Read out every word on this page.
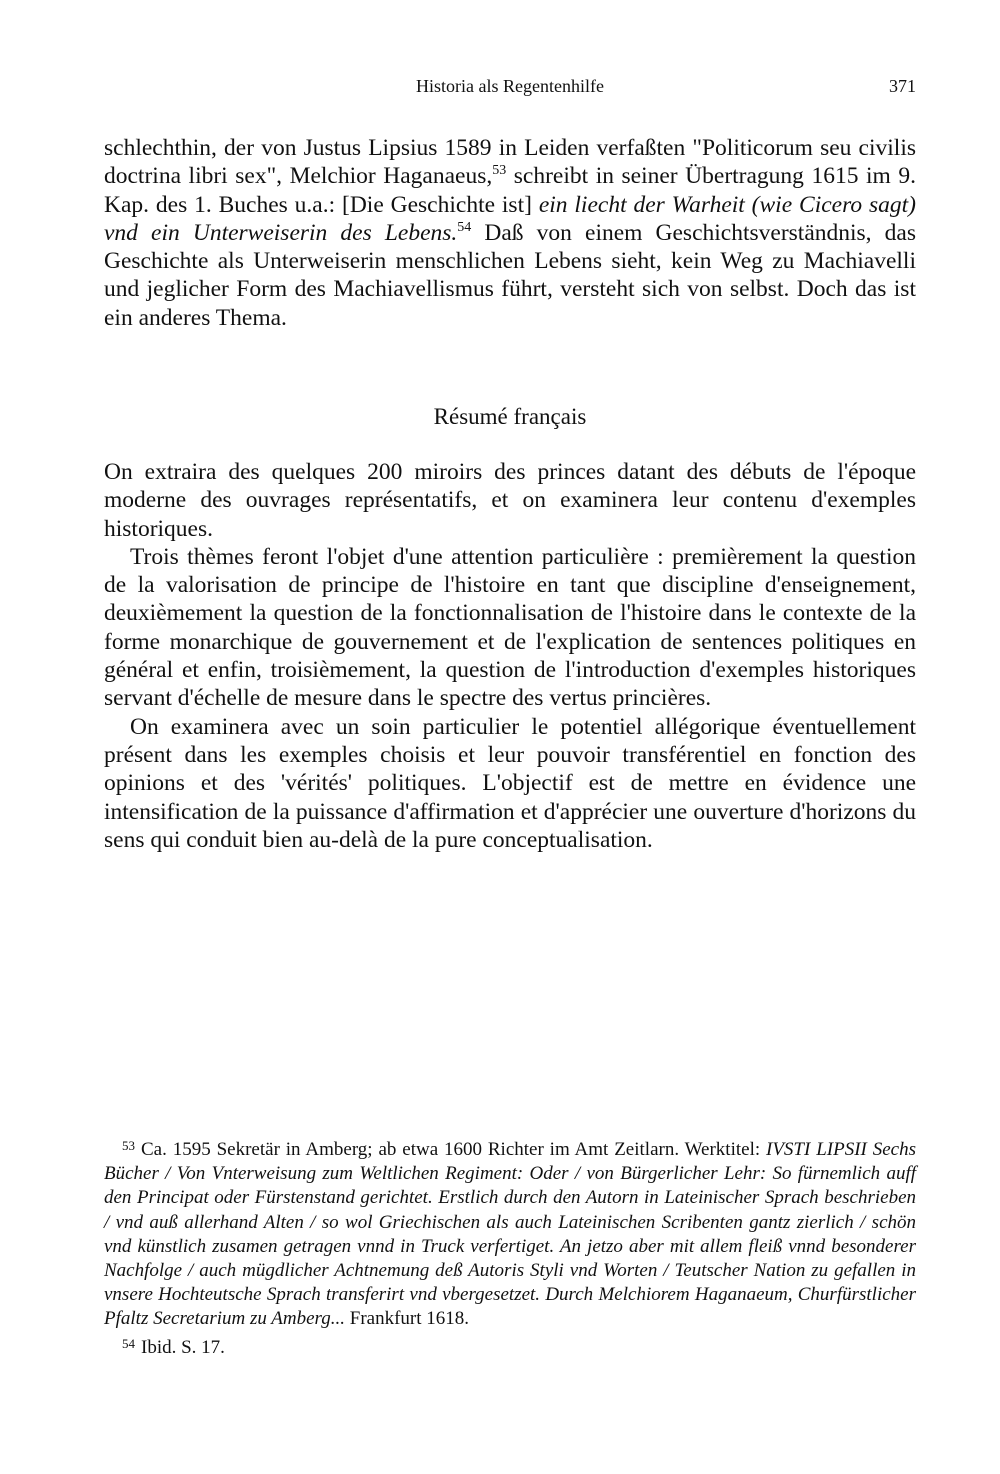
Historia als Regentenhilfe	371
schlechthin, der von Justus Lipsius 1589 in Leiden verfaßten "Politicorum seu civilis doctrina libri sex", Melchior Haganaeus,$^{53}$ schreibt in seiner Übertragung 1615 im 9. Kap. des 1. Buches u.a.: [Die Geschichte ist] ein liecht der Warheit (wie Cicero sagt) vnd ein Unterweiserin des Lebens.$^{54}$ Daß von einem Geschichtsverständnis, das Geschichte als Unterweiserin menschlichen Lebens sieht, kein Weg zu Machiavelli und jeglicher Form des Machiavellismus führt, versteht sich von selbst. Doch das ist ein anderes Thema.
Résumé français

On extraira des quelques 200 miroirs des princes datant des débuts de l'époque moderne des ouvrages représentatifs, et on examinera leur contenu d'exemples historiques.

Trois thèmes feront l'objet d'une attention particulière : premièrement la question de la valorisation de principe de l'histoire en tant que discipline d'enseignement, deuxièmement la question de la fonctionnalisation de l'histoire dans le contexte de la forme monarchique de gouvernement et de l'explication de sentences politiques en général et enfin, troisièmement, la question de l'introduction d'exemples historiques servant d'échelle de mesure dans le spectre des vertus princières.

On examinera avec un soin particulier le potentiel allégorique éventuellement présent dans les exemples choisis et leur pouvoir transférentiel en fonction des opinions et des 'vérités' politiques. L'objectif est de mettre en évidence une intensification de la puissance d'affirmation et d'apprécier une ouverture d'horizons du sens qui conduit bien au-delà de la pure conceptualisation.

$^{53}$ Ca. 1595 Sekretär in Amberg; ab etwa 1600 Richter im Amt Zeitlarn. Werktitel: IVSTI LIPSII Sechs Bücher / Von Vnterweisung zum Weltlichen Regiment: Oder / von Bürgerlicher Lehr: So fürnemlich auff den Principat oder Fürstenstand gerichtet. Erstlich durch den Autorn in Lateinischer Sprach beschrieben / vnd auß allerhand Alten / so wol Griechischen als auch Lateinischen Scribenten gantz zierlich / schön vnd künstlich zusamen getragen vnnd in Truck verfertiget. An jetzo aber mit allem fleiß vnnd besonderer Nachfolge / auch mügdlicher Achtnemung deß Autoris Styli vnd Worten / Teutscher Nation zu gefallen in vnsere Hochteutsche Sprach transferirt vnd vbergesetzet. Durch Melchiorem Haganaeum, Churfürstlicher Pfaltz Secretarium zu Amberg... Frankfurt 1618.

$^{54}$ Ibid. S. 17.
